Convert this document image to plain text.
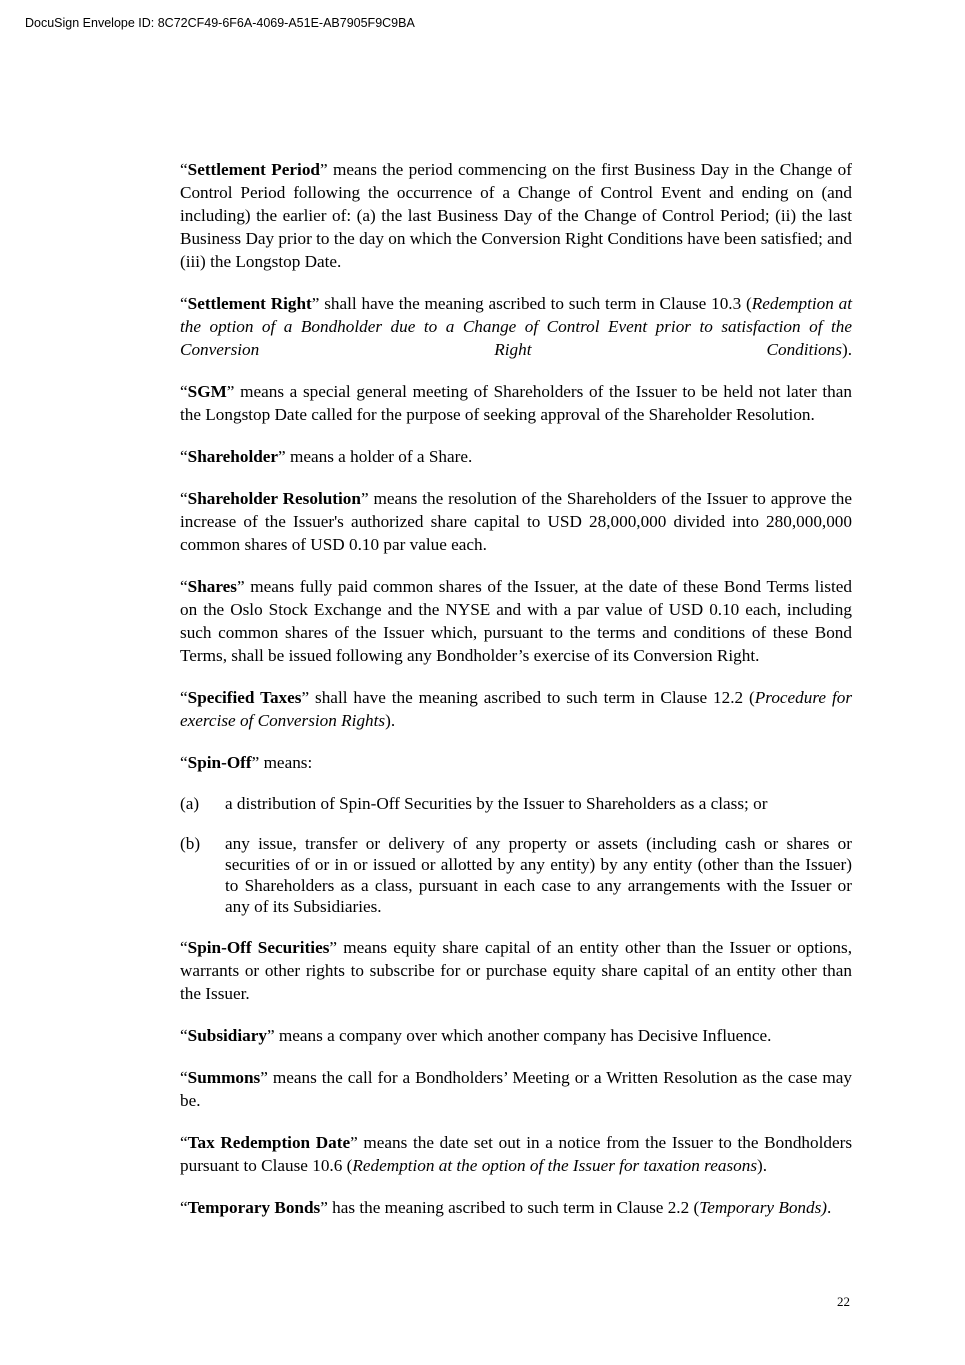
DocuSign Envelope ID: 8C72CF49-6F6A-4069-A51E-AB7905F9C9BA

“Settlement Period” means the period commencing on the first Business Day in the Change of Control Period following the occurrence of a Change of Control Event and ending on (and including) the earlier of: (a) the last Business Day of the Change of Control Period; (ii) the last Business Day prior to the day on which the Conversion Right Conditions have been satisfied; and (iii) the Longstop Date.

“Settlement Right” shall have the meaning ascribed to such term in Clause 10.3 (Redemption at the option of a Bondholder due to a Change of Control Event prior to satisfaction of the Conversion Right Conditions).

“SGM” means a special general meeting of Shareholders of the Issuer to be held not later than the Longstop Date called for the purpose of seeking approval of the Shareholder Resolution.

“Shareholder” means a holder of a Share.

“Shareholder Resolution” means the resolution of the Shareholders of the Issuer to approve the increase of the Issuer's authorized share capital to USD 28,000,000 divided into 280,000,000 common shares of USD 0.10 par value each.

“Shares” means fully paid common shares of the Issuer, at the date of these Bond Terms listed on the Oslo Stock Exchange and the NYSE and with a par value of USD 0.10 each, including such common shares of the Issuer which, pursuant to the terms and conditions of these Bond Terms, shall be issued following any Bondholder’s exercise of its Conversion Right.

“Specified Taxes” shall have the meaning ascribed to such term in Clause 12.2 (Procedure for exercise of Conversion Rights).

“Spin-Off” means:

(a)	a distribution of Spin-Off Securities by the Issuer to Shareholders as a class; or
(b)	any issue, transfer or delivery of any property or assets (including cash or shares or securities of or in or issued or allotted by any entity) by any entity (other than the Issuer) to Shareholders as a class, pursuant in each case to any arrangements with the Issuer or any of its Subsidiaries.

“Spin-Off Securities” means equity share capital of an entity other than the Issuer or options, warrants or other rights to subscribe for or purchase equity share capital of an entity other than the Issuer.

“Subsidiary” means a company over which another company has Decisive Influence.

“Summons” means the call for a Bondholders’ Meeting or a Written Resolution as the case may be.

“Tax Redemption Date” means the date set out in a notice from the Issuer to the Bondholders pursuant to Clause 10.6 (Redemption at the option of the Issuer for taxation reasons).

“Temporary Bonds” has the meaning ascribed to such term in Clause 2.2 (Temporary Bonds).

22
